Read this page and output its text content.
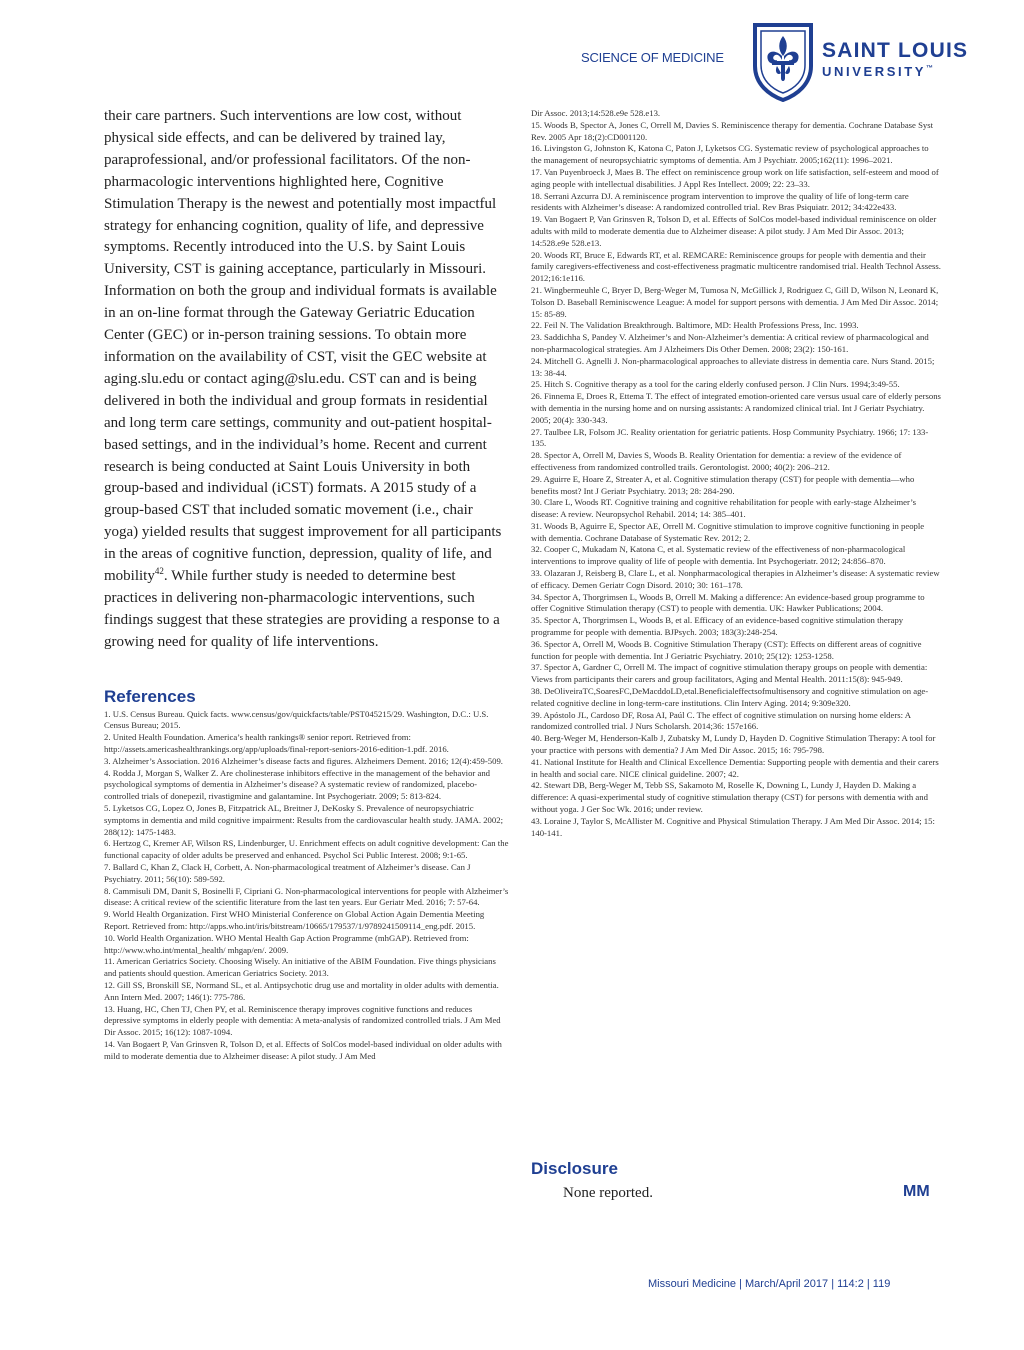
SCIENCE OF MEDICINE	SAINT LOUIS
UNIVERSITY™

their care partners. Such interventions are low cost, without physical side effects, and can be delivered by trained lay, paraprofessional, and/or professional facilitators. Of the non-pharmacologic interventions highlighted here, Cognitive Stimulation Therapy is the newest and potentially most impactful strategy for enhancing cognition, quality of life, and depressive symptoms. Recently introduced into the U.S. by Saint Louis University, CST is gaining acceptance, particularly in Missouri. Information on both the group and individual formats is available in an on-line format through the Gateway Geriatric Education Center (GEC) or in-person training sessions. To obtain more information on the availability of CST, visit the GEC website at aging.slu.edu or contact aging@slu.edu. CST can and is being delivered in both the individual and group formats in residential and long term care settings, community and out-patient hospital-based settings, and in the individual’s home. Recent and current research is being conducted at Saint Louis University in both group-based and individual (iCST) formats. A 2015 study of a group-based CST that included somatic movement (i.e., chair yoga) yielded results that suggest improvement for all participants in the areas of cognitive function, depression, quality of life, and mobility$^{42}$. While further study is needed to determine best practices in delivering non-pharmacologic interventions, such findings suggest that these strategies are providing a response to a growing need for quality of life interventions.

References
1. U.S. Census Bureau. Quick facts. www.census/gov/quickfacts/table/PST045215/29. Washington, D.C.: U.S. Census Bureau; 2015.
2. United Health Foundation. America’s health rankings® senior report. Retrieved from: http://assets.americashealthrankings.org/app/uploads/final-report-seniors-2016-edition-1.pdf. 2016.
3. Alzheimer’s Association. 2016 Alzheimer’s disease facts and figures. Alzheimers Dement. 2016; 12(4):459-509.
4. Rodda J, Morgan S, Walker Z. Are cholinesterase inhibitors effective in the management of the behavior and psychological symptoms of dementia in Alzheimer’s disease? A systematic review of randomized, placebo-controlled trials of donepezil, rivastigmine and galantamine. Int Psychogeriatr. 2009; 5: 813-824.
5. Lyketsos CG, Lopez O, Jones B, Fitzpatrick AL, Breitner J, DeKosky S. Prevalence of neuropsychiatric symptoms in dementia and mild cognitive impairment: Results from the cardiovascular health study. JAMA. 2002; 288(12): 1475-1483.
6. Hertzog C, Kremer AF, Wilson RS, Lindenburger, U. Enrichment effects on adult cognitive development: Can the functional capacity of older adults be preserved and enhanced. Psychol Sci Public Interest. 2008; 9:1-65.
7. Ballard C, Khan Z, Clack H, Corbett, A. Non-pharmacological treatment of Alzheimer’s disease. Can J Psychiatry. 2011; 56(10): 589-592.
8. Cammisuli DM, Danit S, Bosinelli F, Cipriani G. Non-pharmacological interventions for people with Alzheimer’s disease: A critical review of the scientific literature from the last ten years. Eur Geriatr Med. 2016; 7: 57-64.
9. World Health Organization. First WHO Ministerial Conference on Global Action Again Dementia Meeting Report. Retrieved from: http://apps.who.int/iris/bitstream/10665/179537/1/9789241509114_eng.pdf. 2015.
10. World Health Organization. WHO Mental Health Gap Action Programme (mhGAP). Retrieved from: http://www.who.int/mental_health/ mhgap/en/. 2009.
11. American Geriatrics Society. Choosing Wisely. An initiative of the ABIM Foundation. Five things physicians and patients should question. American Geriatrics Society. 2013.
12. Gill SS, Bronskill SE, Normand SL, et al. Antipsychotic drug use and mortality in older adults with dementia. Ann Intern Med. 2007; 146(1): 775-786.
13. Huang, HC, Chen TJ, Chen PY, et al. Reminiscence therapy improves cognitive functions and reduces depressive symptoms in elderly people with dementia: A meta-analysis of randomized controlled trials. J Am Med Dir Assoc. 2015; 16(12): 1087-1094.
14. Van Bogaert P, Van Grinsven R, Tolson D, et al. Effects of SolCos model-based individual on older adults with mild to moderate dementia due to Alzheimer disease: A pilot study. J Am Med
Dir Assoc. 2013;14:528.e9e 528.e13.
15. Woods B, Spector A, Jones C, Orrell M, Davies S. Reminiscence therapy for dementia. Cochrane Database Syst Rev. 2005 Apr 18;(2):CD001120.
16. Livingston G, Johnston K, Katona C, Paton J, Lyketsos CG. Systematic review of psychological approaches to the management of neuropsychiatric symptoms of dementia. Am J Psychiatr. 2005;162(11): 1996–2021.
17. Van Puyenbroeck J, Maes B. The effect on reminiscence group work on life satisfaction, self-esteem and mood of aging people with intellectual disabilities. J Appl Res Intellect. 2009; 22: 23–33.
18. Serrani Azcurra DJ. A reminiscence program intervention to improve the quality of life of long-term care residents with Alzheimer’s disease: A randomized controlled trial. Rev Bras Psiquiatr. 2012; 34:422e433.
19. Van Bogaert P, Van Grinsven R, Tolson D, et al. Effects of SolCos model-based individual reminiscence on older adults with mild to moderate dementia due to Alzheimer disease: A pilot study. J Am Med Dir Assoc. 2013; 14:528.e9e 528.e13.
20. Woods RT, Bruce E, Edwards RT, et al. REMCARE: Reminiscence groups for people with dementia and their family caregivers-effectiveness and cost-effectiveness pragmatic multicentre randomised trial. Health Technol Assess. 2012;16:1e116.
21. Wingbermeuhle C, Bryer D, Berg-Weger M, Tumosa N, McGillick J, Rodriguez C, Gill D, Wilson N, Leonard K, Tolson D. Baseball Reminiscwence League: A model for support persons with dementia. J Am Med Dir Assoc. 2014; 15: 85-89.
22. Feil N. The Validation Breakthrough. Baltimore, MD: Health Professions Press, Inc. 1993.
23. Saddichha S, Pandey V. Alzheimer’s and Non-Alzheimer’s dementia: A critical review of pharmacological and non-pharmacological strategies. Am J Alzheimers Dis Other Demen. 2008; 23(2): 150-161.
24. Mitchell G. Agnelli J. Non-pharmacological approaches to alleviate distress in dementia care. Nurs Stand. 2015; 13: 38-44.
25. Hitch S. Cognitive therapy as a tool for the caring elderly confused person. J Clin Nurs. 1994;3:49-55.
26. Finnema E, Droes R, Ettema T. The effect of integrated emotion-oriented care versus usual care of elderly persons with dementia in the nursing home and on nursing assistants: A randomized clinical trial. Int J Geriatr Psychiatry. 2005; 20(4): 330-343.
27. Taulbee LR, Folsom JC. Reality orientation for geriatric patients. Hosp Community Psychiatry. 1966; 17: 133-135.
28. Spector A, Orrell M, Davies S, Woods B. Reality Orientation for dementia: a review of the evidence of effectiveness from randomized controlled trails. Gerontologist. 2000; 40(2): 206–212.
29. Aguirre E, Hoare Z, Streater A, et al. Cognitive stimulation therapy (CST) for people with dementia—who benefits most? Int J Geriatr Psychiatry. 2013; 28: 284-290.
30. Clare L, Woods RT. Cognitive training and cognitive rehabilitation for people with early-stage Alzheimer’s disease: A review. Neuropsychol Rehabil. 2014; 14: 385–401.
31. Woods B, Aguirre E, Spector AE, Orrell M. Cognitive stimulation to improve cognitive functioning in people with dementia. Cochrane Database of Systematic Rev. 2012; 2.
32. Cooper C, Mukadam N, Katona C, et al. Systematic review of the effectiveness of non-pharmacological interventions to improve quality of life of people with dementia. Int Psychogeriatr. 2012; 24:856–870.
33. Olazaran J, Reisberg B, Clare L, et al. Nonpharmacological therapies in Alzheimer’s disease: A systematic review of efficacy. Demen Geriatr Cogn Disord. 2010; 30: 161–178.
34. Spector A, Thorgrimsen L, Woods B, Orrell M. Making a difference: An evidence-based group programme to offer Cognitive Stimulation therapy (CST) to people with dementia. UK: Hawker Publications; 2004.
35. Spector A, Thorgrimsen L, Woods B, et al. Efficacy of an evidence-based cognitive stimulation therapy programme for people with dementia. BJPsych. 2003; 183(3):248-254.
36. Spector A, Orrell M, Woods B. Cognitive Stimulation Therapy (CST): Effects on different areas of cognitive function for people with dementia. Int J Geriatric Psychiatry. 2010; 25(12): 1253-1258.
37. Spector A, Gardner C, Orrell M. The impact of cognitive stimulation therapy groups on people with dementia: Views from participants their carers and group facilitators, Aging and Mental Health. 2011:15(8): 945-949.
38. DeOliveiraTC,SoaresFC,DeMacddoLD,etal.Beneficialeffectsofmultisensory and cognitive stimulation on age-related cognitive decline in long-term-care institutions. Clin Interv Aging. 2014; 9:309e320.
39. Apóstolo JL, Cardoso DF, Rosa AI, Paúl C. The effect of cognitive stimulation on nursing home elders: A randomized controlled trial. J Nurs Scholarsh. 2014;36: 157e166.
40. Berg-Weger M, Henderson-Kalb J, Zubatsky M, Lundy D, Hayden D. Cognitive Stimulation Therapy: A tool for your practice with persons with dementia? J Am Med Dir Assoc. 2015; 16: 795-798.
41. National Institute for Health and Clinical Excellence Dementia: Supporting people with dementia and their carers in health and social care. NICE clinical guideline. 2007; 42.
42. Stewart DB, Berg-Weger M, Tebb SS, Sakamoto M, Roselle K, Downing L, Lundy J, Hayden D. Making a difference: A quasi-experimental study of cognitive stimulation therapy (CST) for persons with dementia with and without yoga. J Ger Soc Wk. 2016; under review.
43. Loraine J, Taylor S, McAllister M. Cognitive and Physical Stimulation Therapy. J Am Med Dir Assoc. 2014; 15: 140-141.
Disclosure
None reported.	MM
Missouri Medicine | March/April 2017 | 114:2 | 119
